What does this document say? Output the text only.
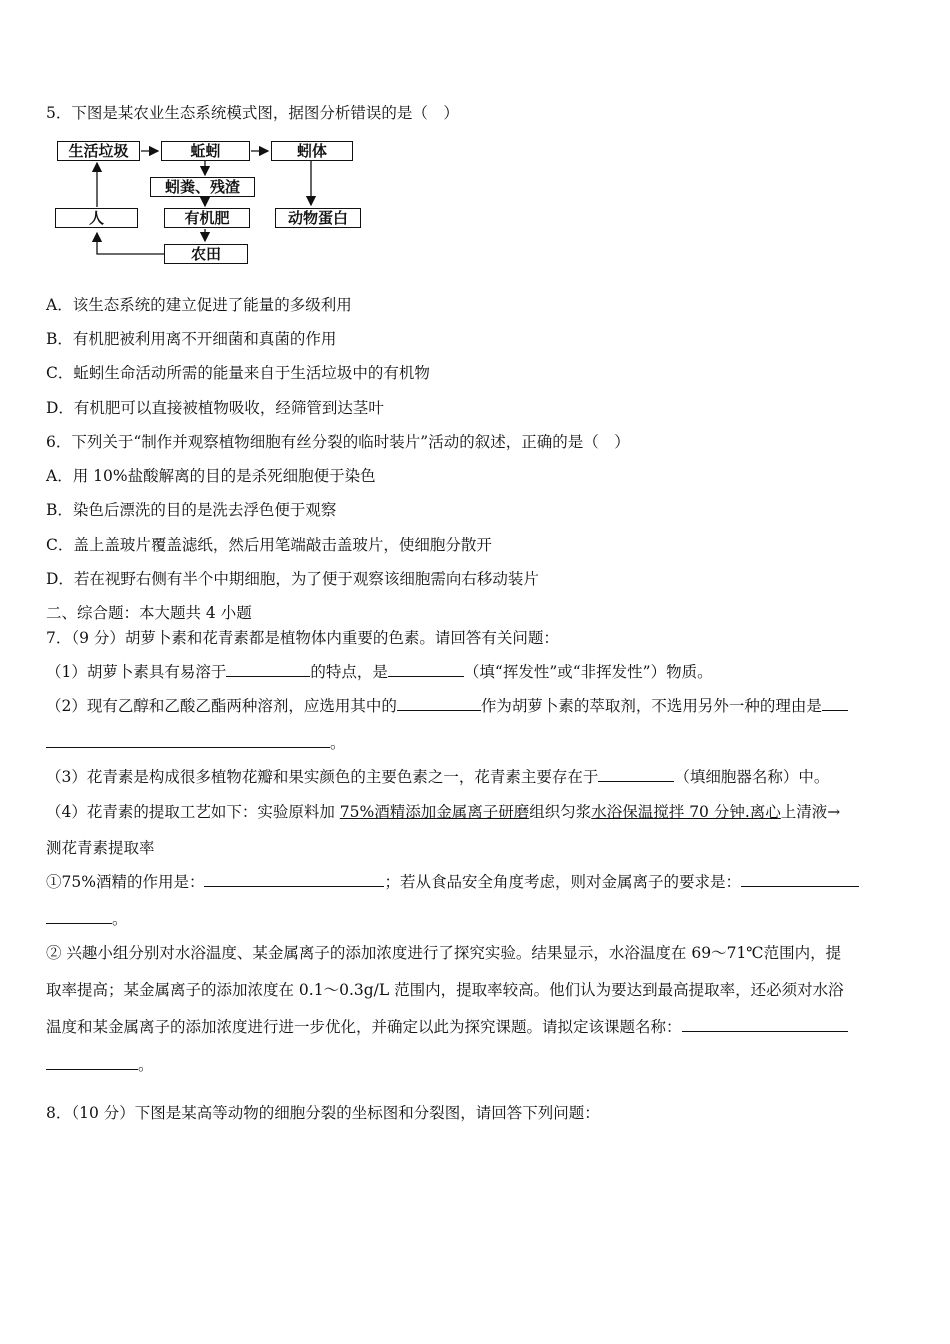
5．下图是某农业生态系统模式图，据图分析错误的是（　）
生活垃圾	蚯蚓	蚓体
蚓粪、残渣
有机肥
人	动物蛋白
农田
A．该生态系统的建立促进了能量的多级利用
B．有机肥被利用离不开细菌和真菌的作用
C．蚯蚓生命活动所需的能量来自于生活垃圾中的有机物
D．有机肥可以直接被植物吸收，经筛管到达茎叶
6．下列关于“制作并观察植物细胞有丝分裂的临时装片”活动的叙述，正确的是（　）
A．用 10%盐酸解离的目的是杀死细胞便于染色
B．染色后漂洗的目的是洗去浮色便于观察
C．盖上盖玻片覆盖滤纸，然后用笔端敲击盖玻片，使细胞分散开
D．若在视野右侧有半个中期细胞，为了便于观察该细胞需向右移动装片
二、综合题：本大题共 4 小题
7．（9 分）胡萝卜素和花青素都是植物体内重要的色素。请回答有关问题：
（1）胡萝卜素具有易溶于	的特点，是	（填“挥发性”或“非挥发性”）物质。
（2）现有乙醇和乙酸乙酯两种溶剂，应选用其中的	作为胡萝卜素的萃取剂，不选用另外一种的理由是
。
（3）花青素是构成很多植物花瓣和果实颜色的主要色素之一，花青素主要存在于	（填细胞器名称）中。
（4）花青素的提取工艺如下：实验原料加 75%酒精添加金属离子研磨组织匀浆水浴保温搅拌 70 分钟.离心上清液→
测花青素提取率
①75%酒精的作用是：	；若从食品安全角度考虑，则对金属离子的要求是：
。
② 兴趣小组分别对水浴温度、某金属离子的添加浓度进行了探究实验。结果显示，水浴温度在 69～71℃范围内，提
取率提高；某金属离子的添加浓度在 0.1～0.3g/L 范围内，提取率较高。他们认为要达到最高提取率，还必须对水浴
温度和某金属离子的添加浓度进行进一步优化，并确定以此为探究课题。请拟定该课题名称：
。
8．（10 分）下图是某高等动物的细胞分裂的坐标图和分裂图，请回答下列问题：
